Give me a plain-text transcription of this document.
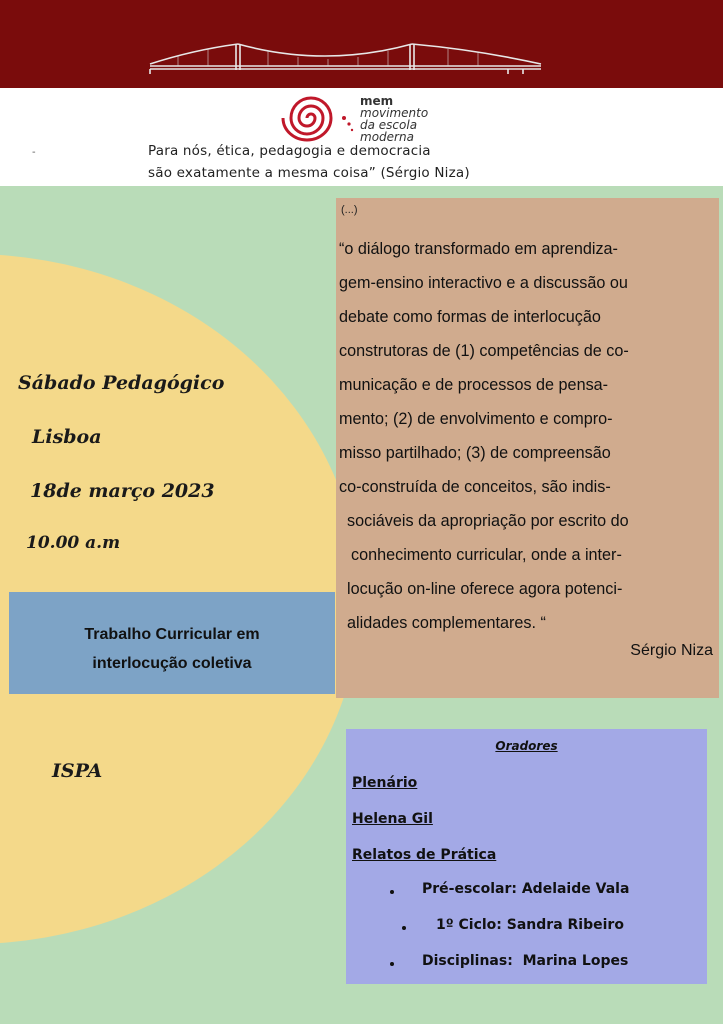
mem
movimento
da escola
moderna
-	Para nós, ética, pedagogia e democracia
são exatamente a mesma coisa” (Sérgio Niza)
Sábado Pedagógico
Lisboa
18de março 2023
10.00 a.m
Trabalho Curricular em
interlocução coletiva
ISPA
(...)
“o diálogo transformado em aprendiza-
gem-ensino interactivo e a discussão ou
debate como formas de interlocução
construtoras de (1) competências de co-
municação e de processos de pensa-
mento; (2) de envolvimento e compro-
misso partilhado; (3) de compreensão
co-construída de conceitos, são indis-
sociáveis da apropriação por escrito do
conhecimento curricular, onde a inter-
locução on-line oferece agora potenci-
alidades complementares. “
Sérgio Niza
Oradores
Plenário
Helena Gil
Relatos de Prática
Pré-escolar: Adelaide Vala
1º Ciclo: Sandra Ribeiro
Disciplinas:  Marina Lopes
